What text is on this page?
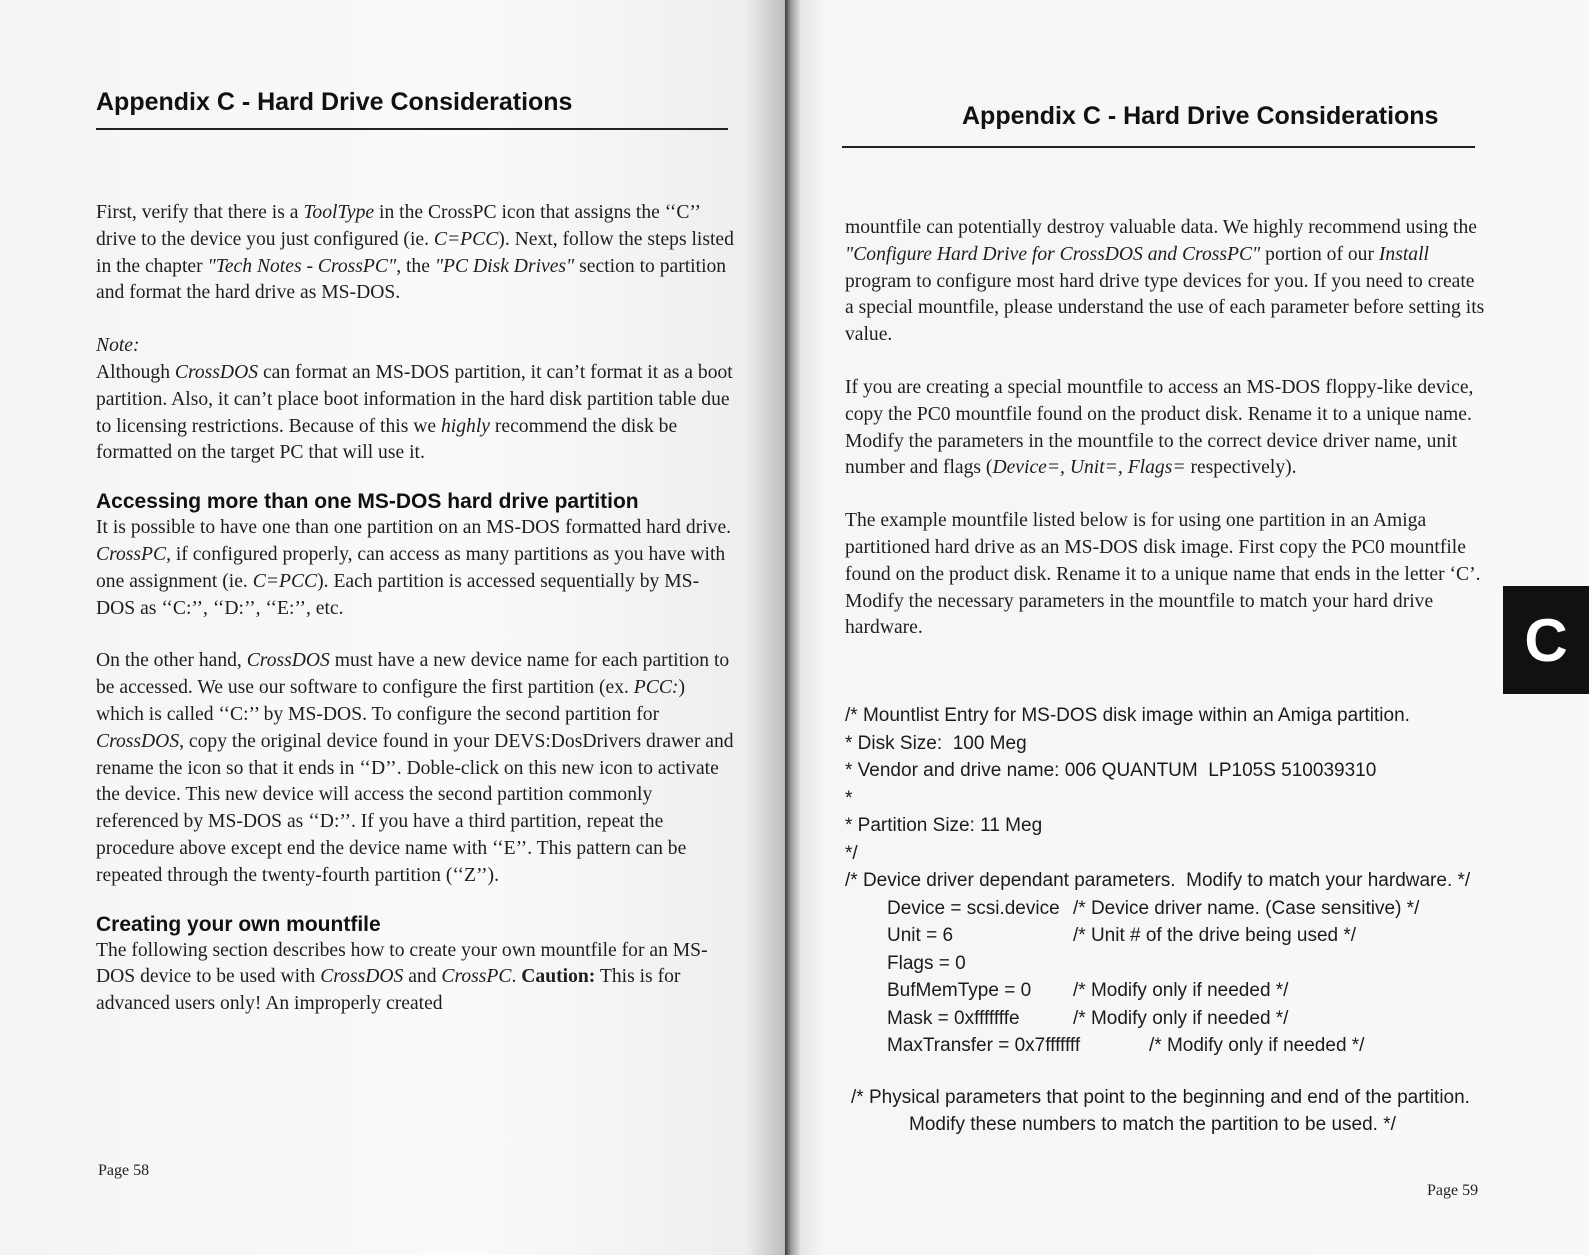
Appendix C - Hard Drive Considerations

First, verify that there is a ToolType in the CrossPC icon that assigns the ‘‘C’’ drive to the device you just configured (ie. C=PCC). Next, follow the steps listed in the chapter "Tech Notes - CrossPC", the "PC Disk Drives" section to partition and format the hard drive as MS-DOS.

Note:

Although CrossDOS can format an MS-DOS partition, it can’t format it as a boot partition. Also, it can’t place boot information in the hard disk partition table due to licensing restrictions. Because of this we highly recommend the disk be formatted on the target PC that will use it.

Accessing more than one MS-DOS hard drive partition

It is possible to have one than one partition on an MS-DOS formatted hard drive. CrossPC, if configured properly, can access as many partitions as you have with one assignment (ie. C=PCC). Each partition is accessed sequentially by MS-DOS as ‘‘C:’’, ‘‘D:’’, ‘‘E:’’, etc.

On the other hand, CrossDOS must have a new device name for each partition to be accessed. We use our software to configure the first partition (ex. PCC:) which is called ‘‘C:’’ by MS-DOS. To configure the second partition for CrossDOS, copy the original device found in your DEVS:DosDrivers drawer and rename the icon so that it ends in ‘‘D’’. Doble-click on this new icon to activate the device. This new device will access the second partition commonly referenced by MS-DOS as ‘‘D:’’. If you have a third partition, repeat the procedure above except end the device name with ‘‘E’’. This pattern can be repeated through the twenty-fourth partition (‘‘Z’’).

Creating your own mountfile

The following section describes how to create your own mountfile for an MS-DOS device to be used with CrossDOS and CrossPC. Caution: This is for advanced users only! An improperly created

Page 58
Appendix C - Hard Drive Considerations

mountfile can potentially destroy valuable data. We highly recommend using the "Configure Hard Drive for CrossDOS and CrossPC" portion of our Install program to configure most hard drive type devices for you. If you need to create a special mountfile, please understand the use of each parameter before setting its value.

If you are creating a special mountfile to access an MS-DOS floppy-like device, copy the PC0 mountfile found on the product disk. Rename it to a unique name. Modify the parameters in the mountfile to the correct device driver name, unit number and flags (Device=, Unit=, Flags= respectively).

The example mountfile listed below is for using one partition in an Amiga partitioned hard drive as an MS-DOS disk image. First copy the PC0 mountfile found on the product disk. Rename it to a unique name that ends in the letter ‘C’. Modify the necessary parameters in the mountfile to match your hard drive hardware.

/* Mountlist Entry for MS-DOS disk image within an Amiga partition.
* Disk Size:  100 Meg
* Vendor and drive name: 006 QUANTUM  LP105S 510039310
*
* Partition Size: 11 Meg
*/
/* Device driver dependant parameters.  Modify to match your hardware. */
Device = scsi.device /* Device driver name. (Case sensitive) */
Unit = 6	/* Unit # of the drive being used */
Flags = 0
BufMemType = 0 /* Modify only if needed */
Mask = 0xfffffffe	/* Modify only if needed */
MaxTransfer = 0x7fffffff	/* Modify only if needed */
/* Physical parameters that point to the beginning and end of the partition.
Modify these numbers to match the partition to be used. */
C
Page 59
